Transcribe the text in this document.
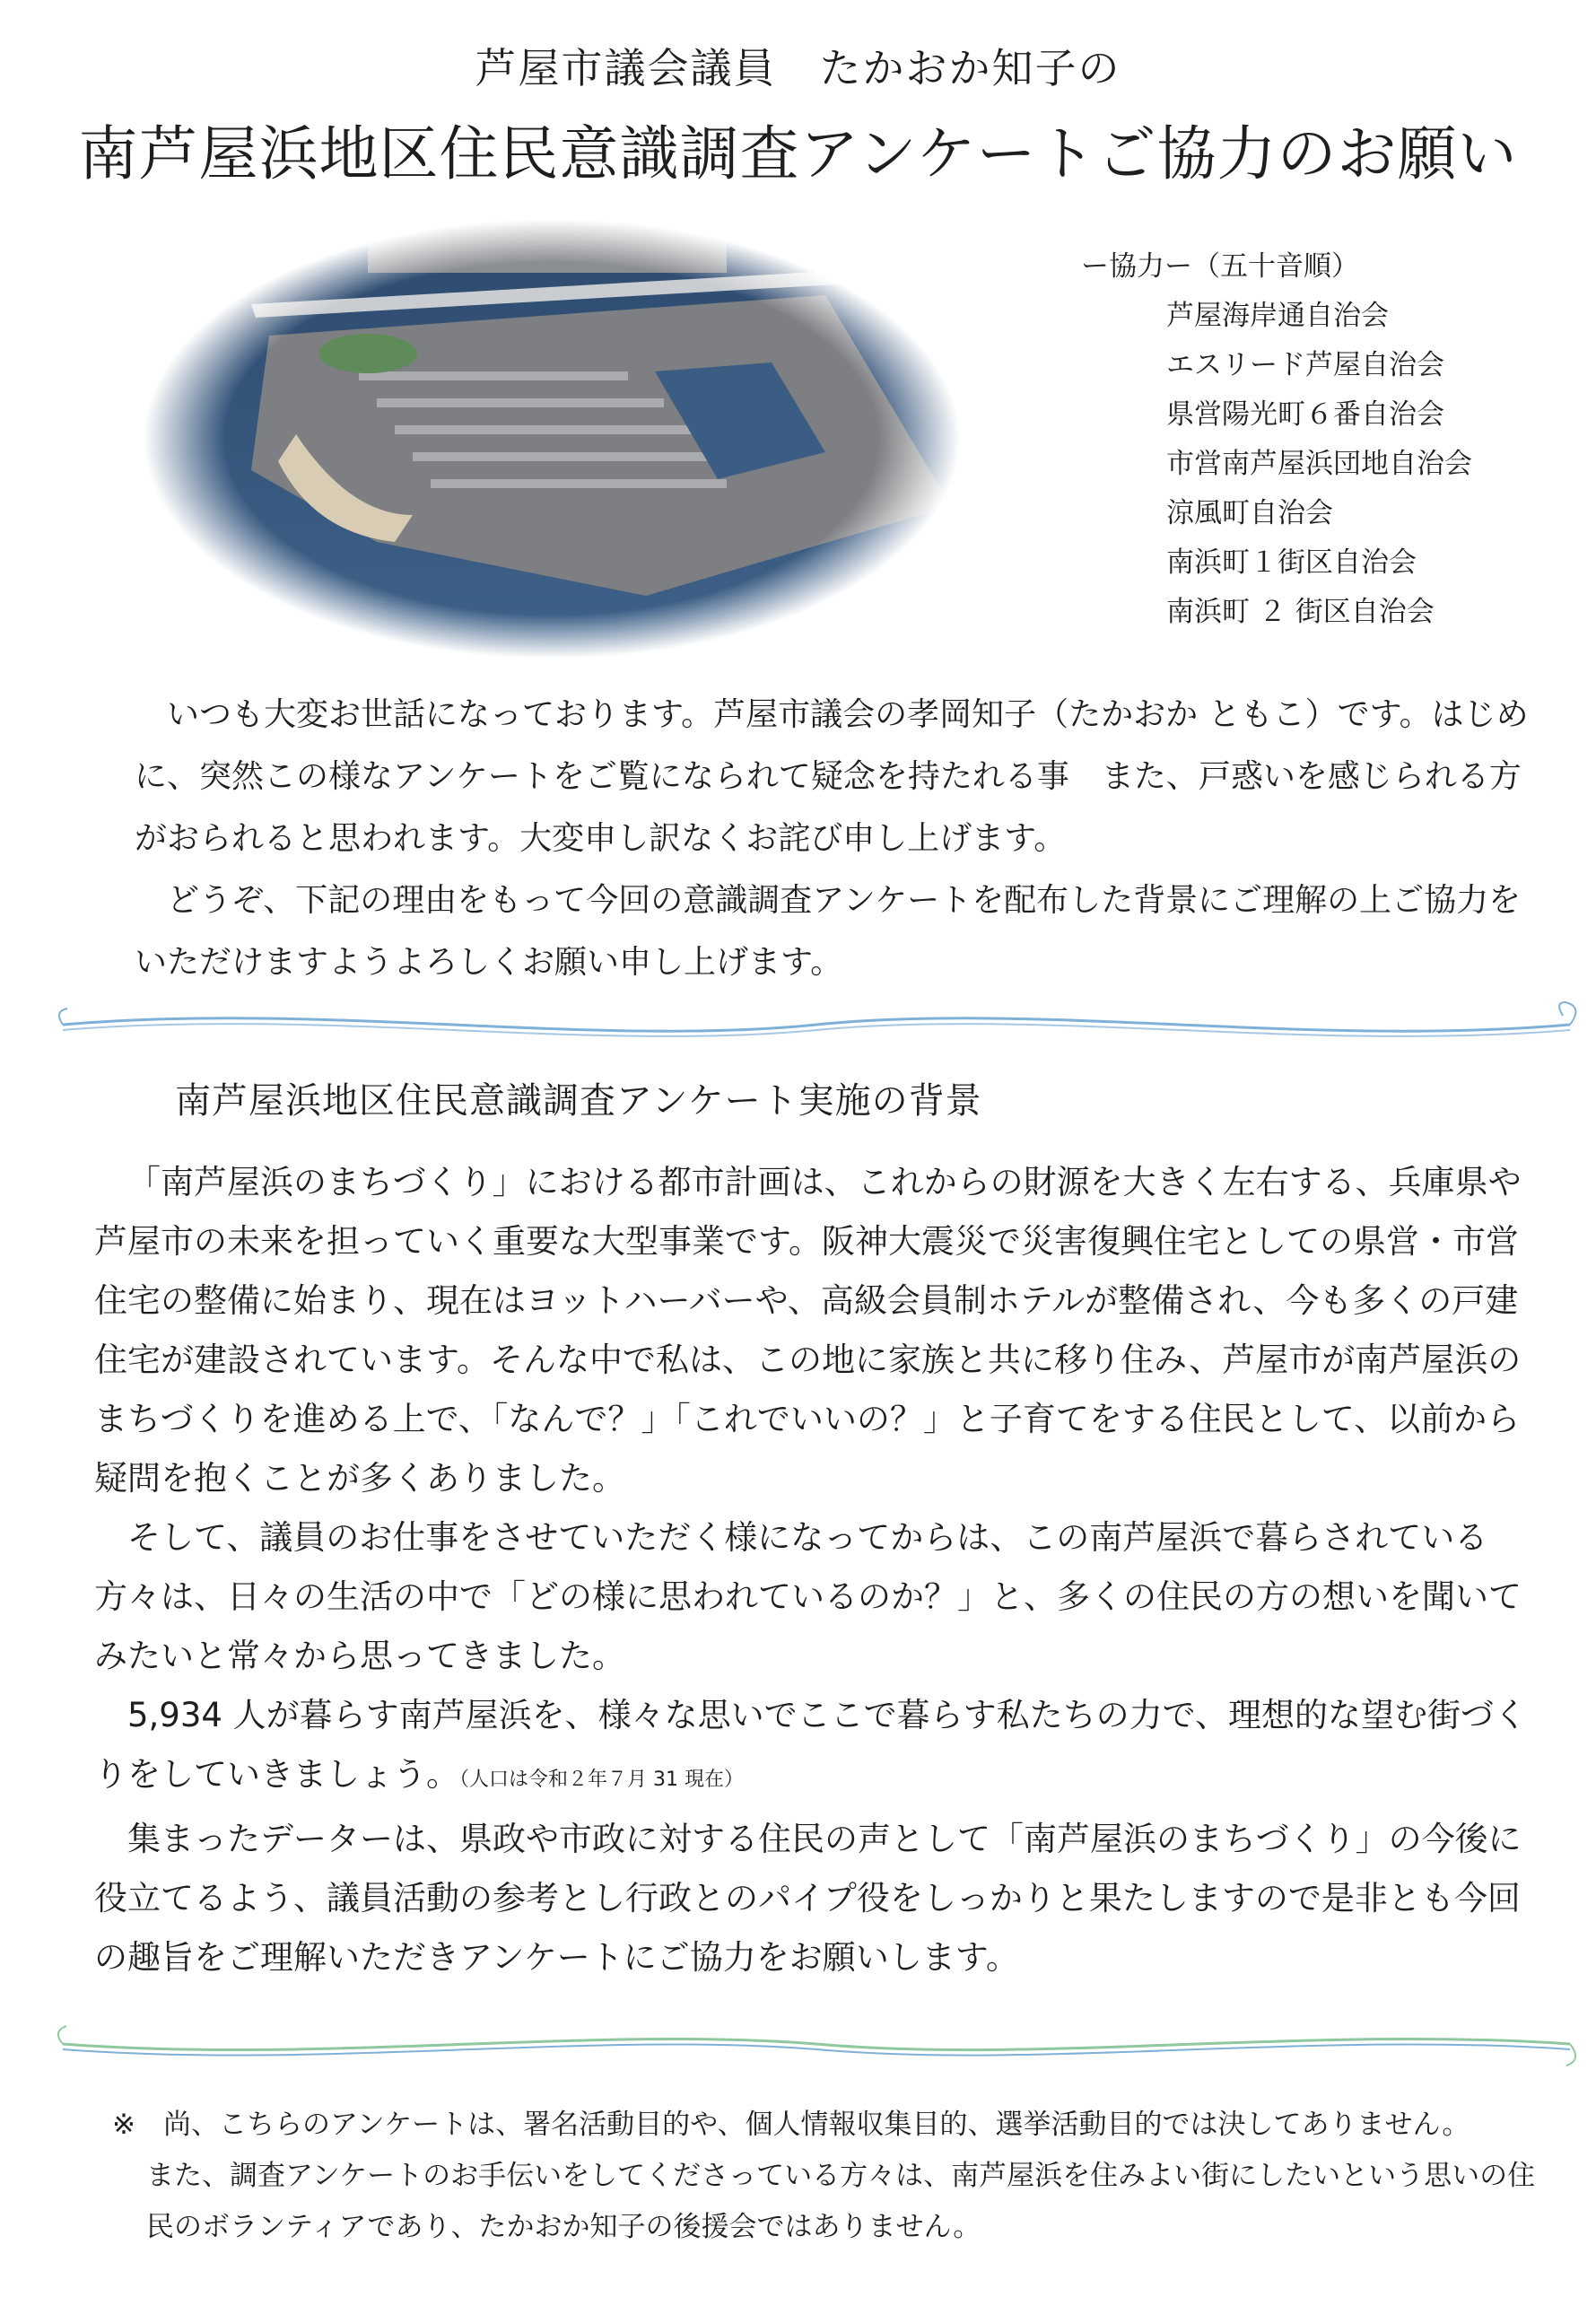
芦屋市議会議員　たかおか知子の
南芦屋浜地区住民意識調査アンケートご協力のお願い

ー協力ー（五十音順）

芦屋海岸通自治会
エスリード芦屋自治会
県営陽光町６番自治会
市営南芦屋浜団地自治会
涼風町自治会
南浜町１街区自治会
南浜町 ２ 街区自治会

いつも大変お世話になっております。芦屋市議会の孝岡知子（たかおか ともこ）です。はじめに、突然この様なアンケートをご覧になられて疑念を持たれる事　また、戸惑いを感じられる方がおられると思われます。大変申し訳なくお詫び申し上げます。

どうぞ、下記の理由をもって今回の意識調査アンケートを配布した背景にご理解の上ご協力をいただけますようよろしくお願い申し上げます。

南芦屋浜地区住民意識調査アンケート実施の背景

「南芦屋浜のまちづくり」における都市計画は、これからの財源を大きく左右する、兵庫県や芦屋市の未来を担っていく重要な大型事業です。阪神大震災で災害復興住宅としての県営・市営住宅の整備に始まり、現在はヨットハーバーや、高級会員制ホテルが整備され、今も多くの戸建住宅が建設されています。そんな中で私は、この地に家族と共に移り住み、芦屋市が南芦屋浜のまちづくりを進める上で、「なんで？」「これでいいの？」と子育てをする住民として、以前から疑問を抱くことが多くありました。

そして、議員のお仕事をさせていただく様になってからは、この南芦屋浜で暮らされている方々は、日々の生活の中で「どの様に思われているのか？」と、多くの住民の方の想いを聞いてみたいと常々から思ってきました。

5,934 人が暮らす南芦屋浜を、様々な思いでここで暮らす私たちの力で、理想的な望む街づくりをしていきましょう。（人口は令和２年７月 31 現在）

集まったデーターは、県政や市政に対する住民の声として「南芦屋浜のまちづくり」の今後に役立てるよう、議員活動の参考とし行政とのパイプ役をしっかりと果たしますので是非とも今回の趣旨をご理解いただきアンケートにご協力をお願いします。

※　尚、こちらのアンケートは、署名活動目的や、個人情報収集目的、選挙活動目的では決してありません。

また、調査アンケートのお手伝いをしてくださっている方々は、南芦屋浜を住みよい街にしたいという思いの住民のボランティアであり、たかおか知子の後援会ではありません。
